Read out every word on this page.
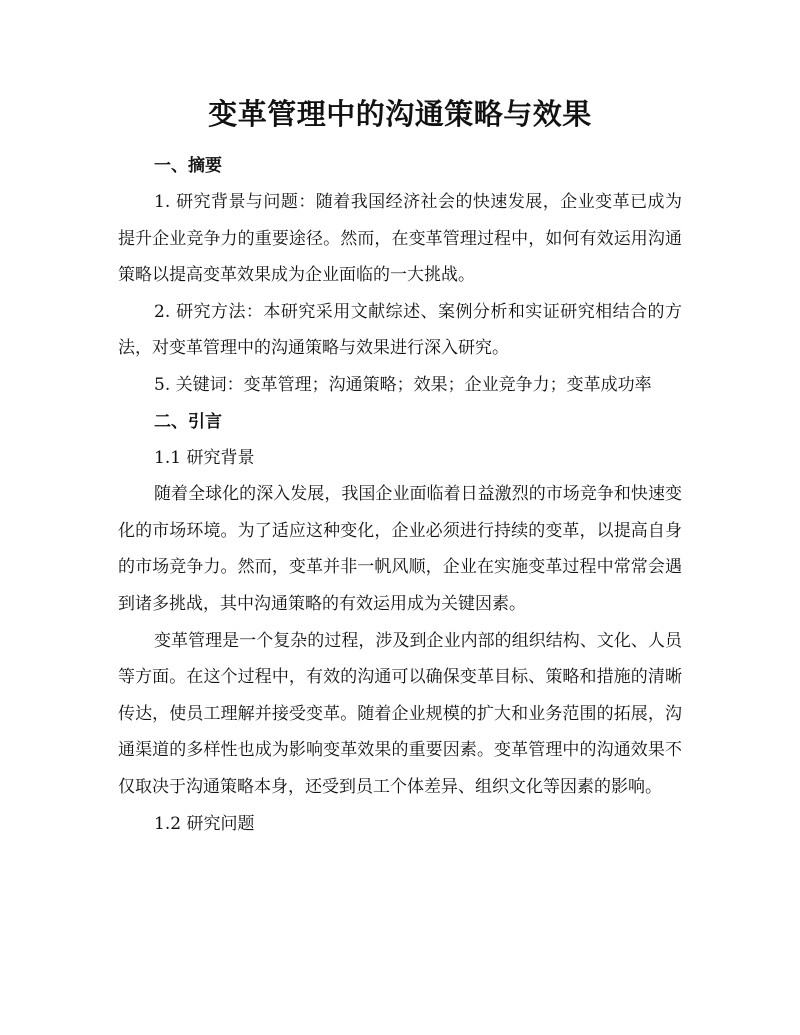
变革管理中的沟通策略与效果
一、摘要

1. 研究背景与问题：随着我国经济社会的快速发展，企业变革已成为提升企业竞争力的重要途径。然而，在变革管理过程中，如何有效运用沟通策略以提高变革效果成为企业面临的一大挑战。

2. 研究方法：本研究采用文献综述、案例分析和实证研究相结合的方法，对变革管理中的沟通策略与效果进行深入研究。

5. 关键词：变革管理；沟通策略；效果；企业竞争力；变革成功率

二、引言

1.1 研究背景

随着全球化的深入发展，我国企业面临着日益激烈的市场竞争和快速变化的市场环境。为了适应这种变化，企业必须进行持续的变革，以提高自身的市场竞争力。然而，变革并非一帆风顺，企业在实施变革过程中常常会遇到诸多挑战，其中沟通策略的有效运用成为关键因素。

变革管理是一个复杂的过程，涉及到企业内部的组织结构、文化、人员等方面。在这个过程中，有效的沟通可以确保变革目标、策略和措施的清晰传达，使员工理解并接受变革。随着企业规模的扩大和业务范围的拓展，沟通渠道的多样性也成为影响变革效果的重要因素。变革管理中的沟通效果不仅取决于沟通策略本身，还受到员工个体差异、组织文化等因素的影响。

1.2 研究问题
